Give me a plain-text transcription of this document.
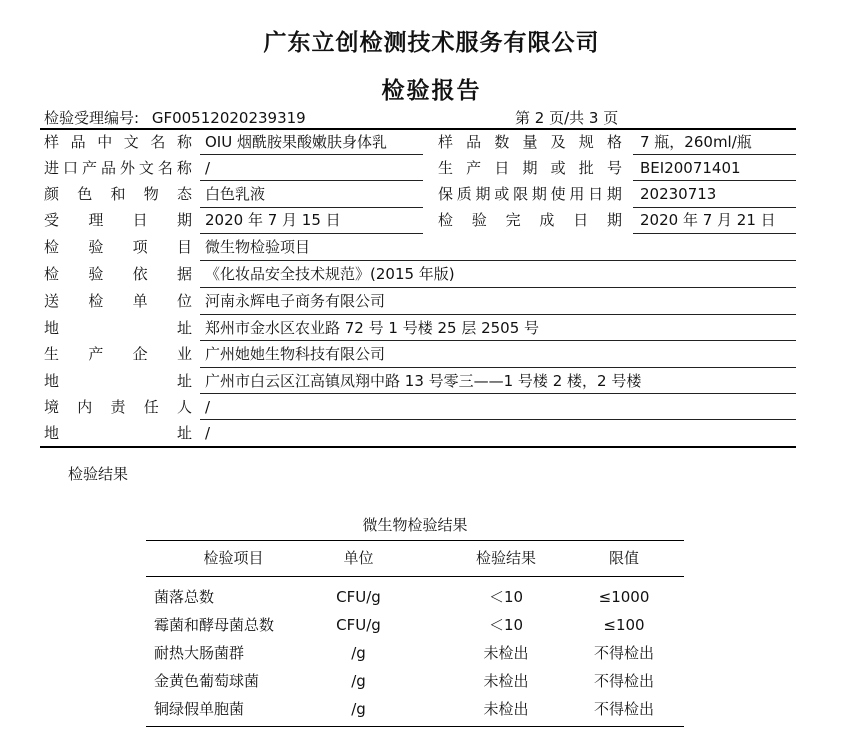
广东立创检测技术服务有限公司
检验报告
检验受理编号: GF00512020239319	第 2 页/共 3 页
样 品 中 文 名 称 OIU 烟酰胺果酸嫩肤身体乳	样 品 数 量 及 规 格 7 瓶，260ml/瓶
进 口 产 品 外 文 名 称 /	生 产 日 期 或 批 号 BEI20071401
颜 色 和 物 态 白色乳液	保 质 期 或 限 期 使 用 日 期 20230713
受 理 日 期 2020 年 7 月 15 日	检 验 完 成 日 期 2020 年 7 月 21 日
检 验 项 目 微生物检验项目
检 验 依 据 《化妆品安全技术规范》(2015 年版)
送 检 单 位 河南永辉电子商务有限公司
地	址 郑州市金水区农业路 72 号 1 号楼 25 层 2505 号
生 产 企 业 广州她她生物科技有限公司
地	址 广州市白云区江高镇凤翔中路 13 号零三——1 号楼 2 楼，2 号楼
境 内 责 任 人 /
地	址 /
检验结果
微生物检验结果
检验项目	单位	检验结果	限值
菌落总数	CFU/g	＜10	≤1000
霉菌和酵母菌总数	CFU/g	＜10	≤100
耐热大肠菌群	/g	未检出	不得检出
金黄色葡萄球菌	/g	未检出	不得检出
铜绿假单胞菌	/g	未检出	不得检出
